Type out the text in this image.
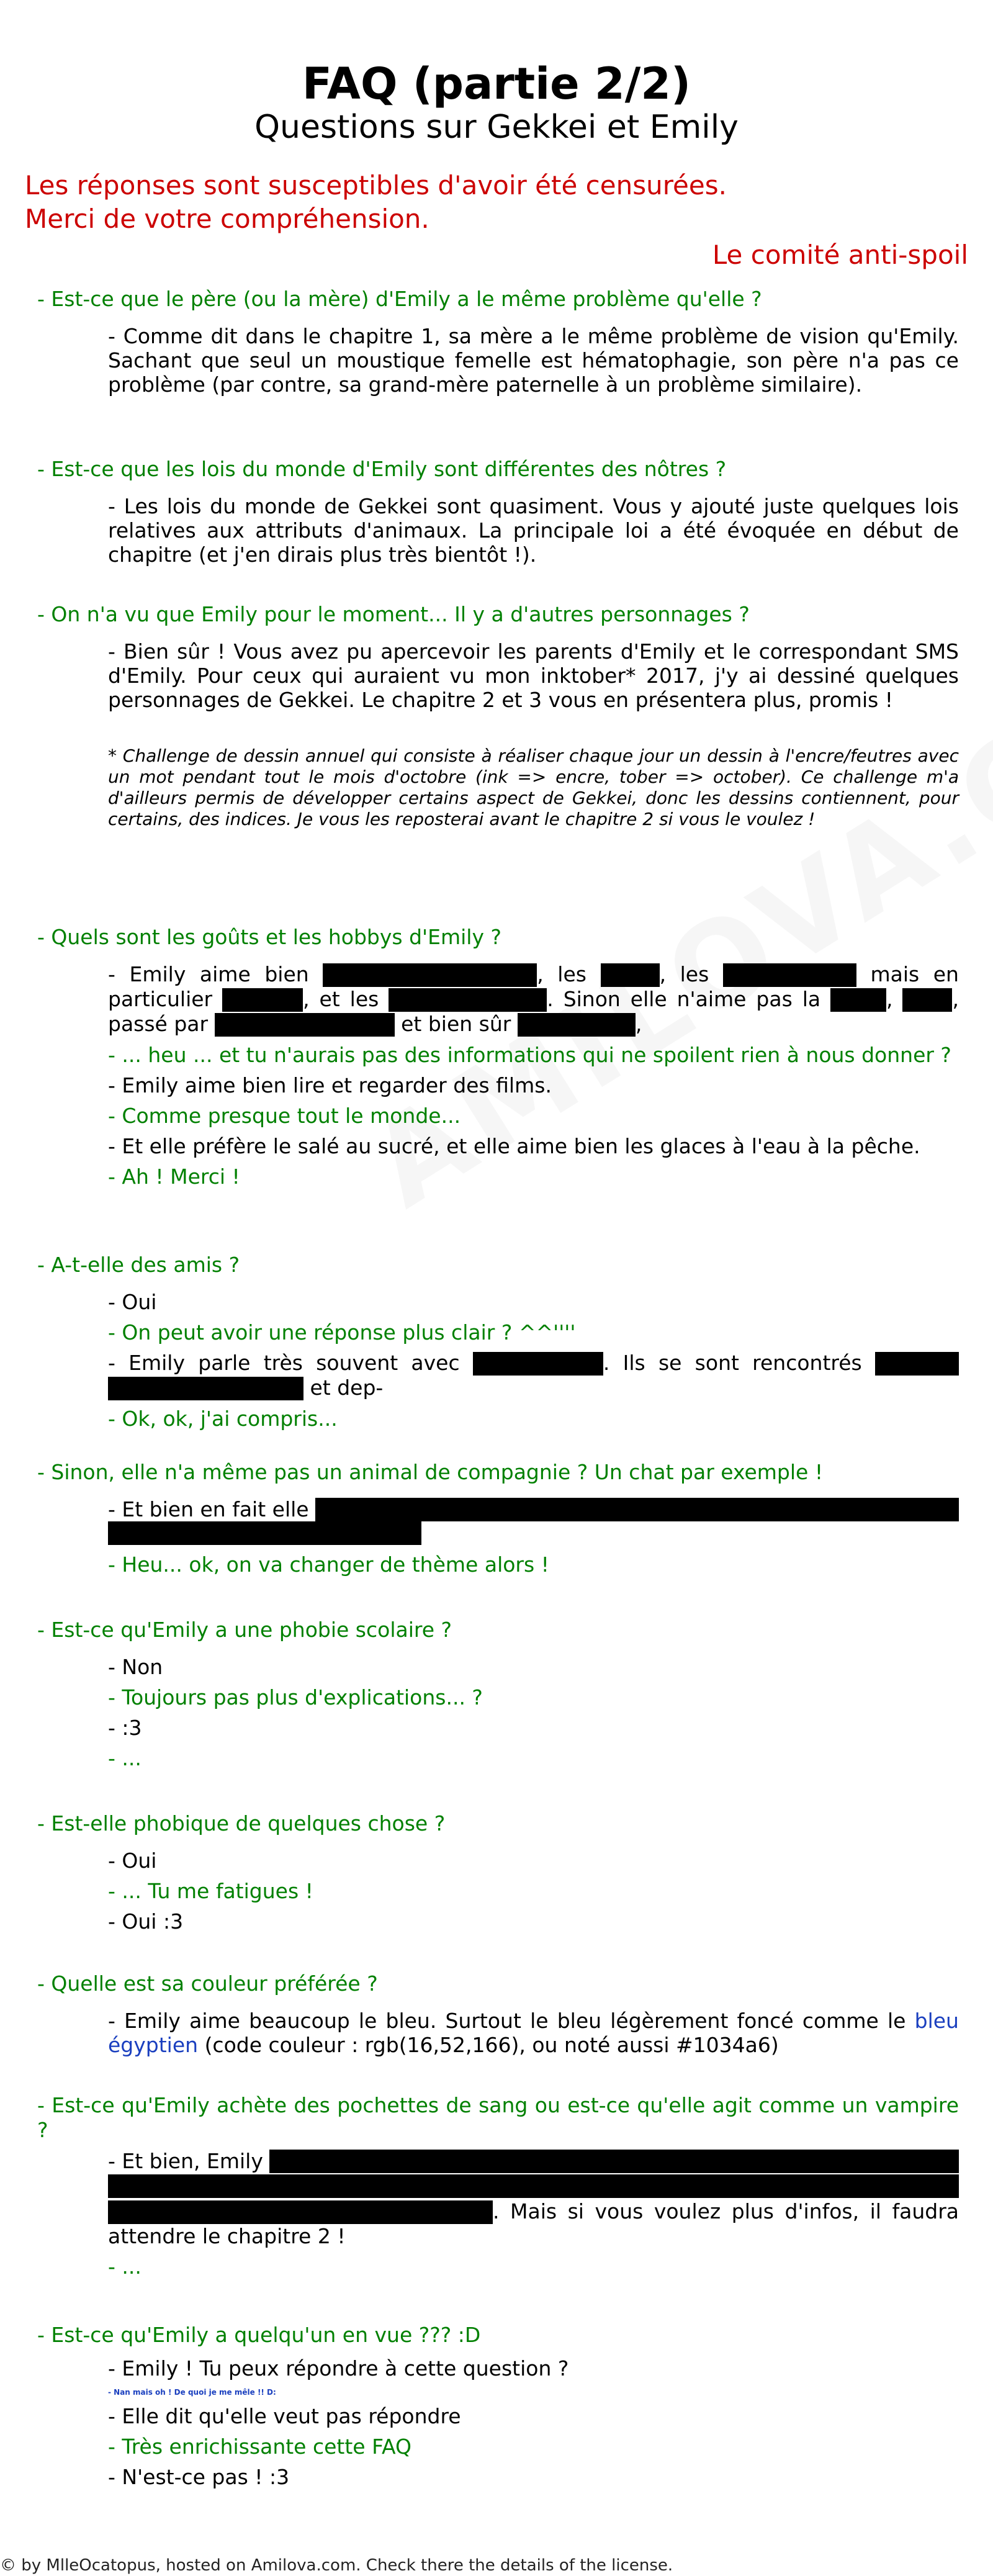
FAQ (partie 2/2)
Questions sur Gekkei et Emily
Les réponses sont susceptibles d'avoir été censurées.
Merci de votre compréhension.
Le comité anti-spoil

- Est-ce que le père (ou la mère) d'Emily a le même problème qu'elle ?

- Comme dit dans le chapitre 1, sa mère a le même problème de vision qu'Emily. Sachant que seul un moustique femelle est hématophagie, son père n'a pas ce problème (par contre, sa grand-mère paternelle à un problème similaire).

- Est-ce que les lois du monde d'Emily sont différentes des nôtres ?

- Les lois du monde de Gekkei sont quasiment. Vous y ajouté juste quelques lois relatives aux attributs d'animaux. La principale loi a été évoquée en début de chapitre (et j'en dirais plus très bientôt !).

- On n'a vu que Emily pour le moment... Il y a d'autres personnages ?

- Bien sûr ! Vous avez pu apercevoir les parents d'Emily et le correspondant SMS d'Emily. Pour ceux qui auraient vu mon inktober* 2017, j'y ai dessiné quelques personnages de Gekkei. Le chapitre 2 et 3 vous en présentera plus, promis !

* Challenge de dessin annuel qui consiste à réaliser chaque jour un dessin à l'encre/feutres avec un mot pendant tout le mois d'octobre (ink => encre, tober => october). Ce challenge m'a d'ailleurs permis de développer certains aspect de Gekkei, donc les dessins contiennent, pour certains, des indices. Je vous les reposterai avant le chapitre 2 si vous le voulez !

- Quels sont les goûts et les hobbys d'Emily ?

- Emily aime bien	, les	, les	mais en particulier	, et les	. Sinon elle n'aime pas la	,	, passé par	et bien sûr	,

- ... heu ... et tu n'aurais pas des informations qui ne spoilent rien à nous donner ?

- Emily aime bien lire et regarder des films.

- Comme presque tout le monde...

- Et elle préfère le salé au sucré, et elle aime bien les glaces à l'eau à la pêche.

- Ah ! Merci !

- A-t-elle des amis ?

- Oui

- On peut avoir une réponse plus clair ? ^^''''

- Emily parle très souvent avec	. Ils se sont rencontrés   et dep-

- Ok, ok, j'ai compris...

- Sinon, elle n'a même pas un animal de compagnie ? Un chat par exemple !

- Et bien en fait elle

- Heu... ok, on va changer de thème alors !

- Est-ce qu'Emily a une phobie scolaire ?

- Non

- Toujours pas plus d'explications... ?

- :3

- ...

- Est-elle phobique de quelques chose ?

- Oui

- ... Tu me fatigues !

- Oui :3

- Quelle est sa couleur préférée ?

- Emily aime beaucoup le bleu. Surtout le bleu légèrement foncé comme le bleu égyptien (code couleur : rgb(16,52,166), ou noté aussi #1034a6)

- Est-ce qu'Emily achète des pochettes de sang ou est-ce qu'elle agit comme un vampire ?

- Et bien, Emily

. Mais si vous voulez plus d'infos, il faudra attendre le chapitre 2 !

- ...

- Est-ce qu'Emily a quelqu'un en vue ??? :D

- Emily ! Tu peux répondre à cette question ?

- Nan mais oh ! De quoi je me mêle !! D:

- Elle dit qu'elle veut pas répondre

- Très enrichissante cette FAQ

- N'est-ce pas ! :3

© by MlleOcatopus, hosted on Amilova.com. Check there the details of the license.
